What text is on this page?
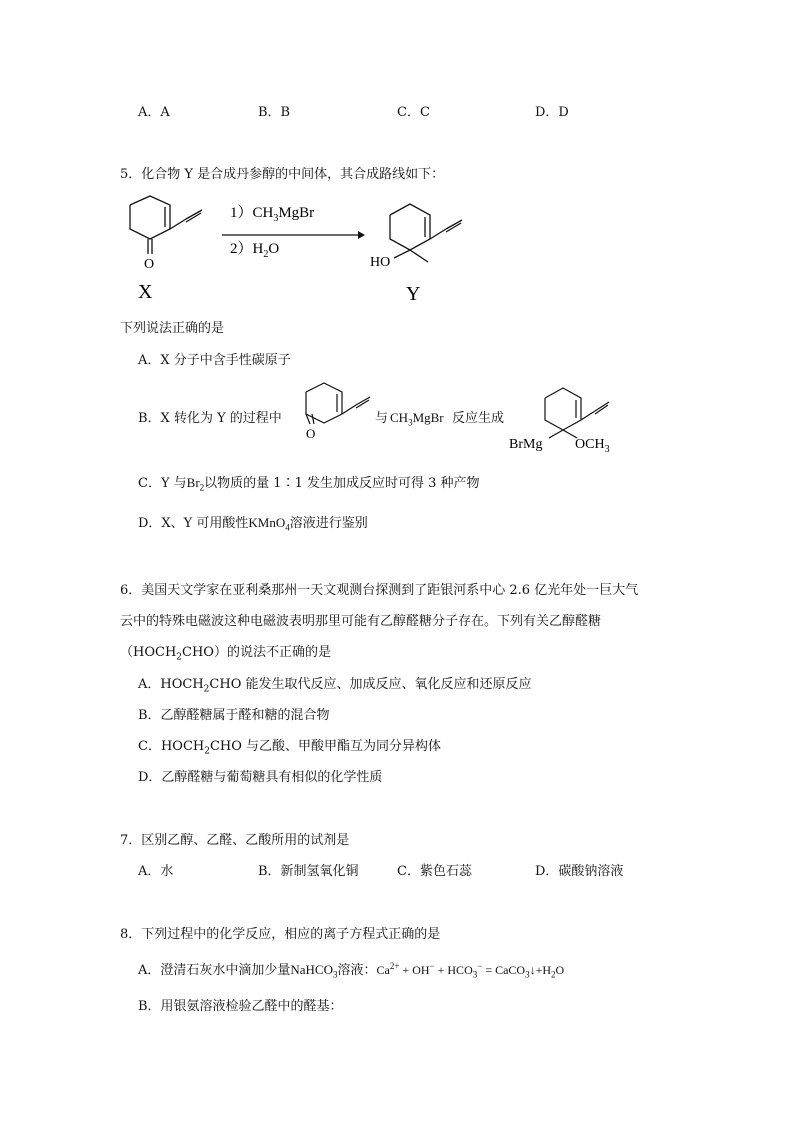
A．A	B．B	C．C	D．D
5．化合物 Y 是合成丹参醇的中间体，其合成路线如下：
O
X
$1)CH_3MgBr$
$2)H_2O$
HO
Y
下列说法正确的是
A．X 分子中含手性碳原子
B．X 转化为 Y 的过程中
O
与 $CH_3MgBr$ 反应生成
BrMg $OCH_3$
C．Y 与$Br_2$以物质的量 1∶1 发生加成反应时可得 3 种产物
D．X、Y 可用酸性KMnO$_4$溶液进行鉴别
6．美国天文学家在亚利桑那州一天文观测台探测到了距银河系中心 2.6 亿光年处一巨大气
云中的特殊电磁波这种电磁波表明那里可能有乙醇醛糖分子存在。下列有关乙醇醛糖
$(HOCH_2CHO)$的说法不正确的是
A．$HOCH_2CHO$ 能发生取代反应、加成反应、氧化反应和还原反应
B．乙醇醛糖属于醛和糖的混合物
C．$HOCH_2CHO$ 与乙酸、甲酸甲酯互为同分异构体
D．乙醇醛糖与葡萄糖具有相似的化学性质
7．区别乙醇、乙醛、乙酸所用的试剂是
A．水	B．新制氢氧化铜	C．紫色石蕊	D．碳酸钠溶液
8．下列过程中的化学反应，相应的离子方程式正确的是
A．澄清石灰水中滴加少量NaHCO$_3$溶液：$Ca^{2+} + OH^- + HCO_3^-$ = $CaCO_3↓+H_2O$
B．用银氨溶液检验乙醛中的醛基：
